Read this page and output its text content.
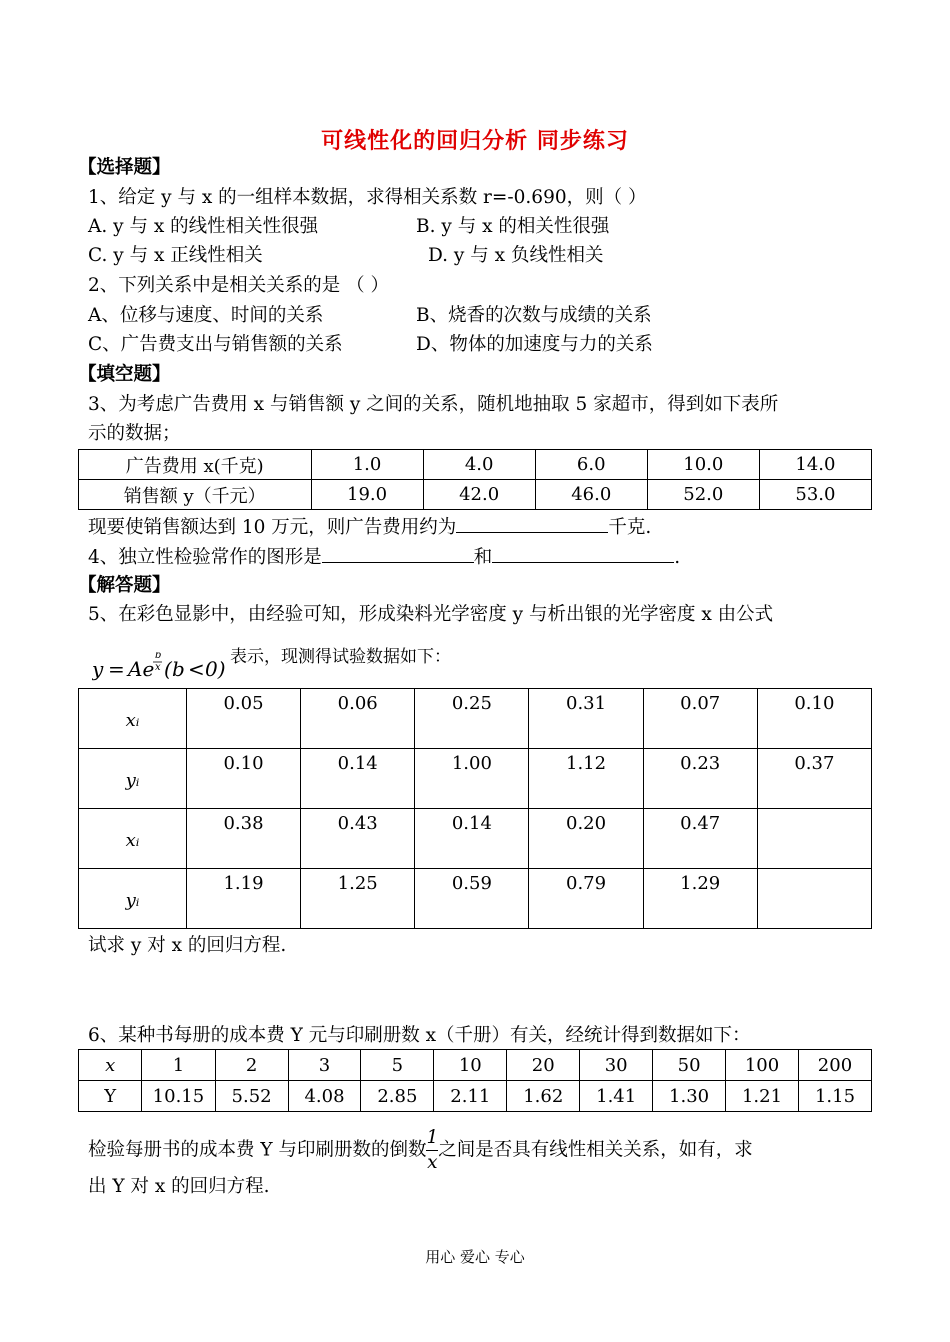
可线性化的回归分析 同步练习
【选择题】
1、给定 y 与 x 的一组样本数据，求得相关系数 r=-0.690，则（ ）
A. y 与 x 的线性相关性很强	B. y 与 x 的相关性很强
C. y 与 x 正线性相关	D. y 与 x 负线性相关
2、下列关系中是相关关系的是 （ ）
A、位移与速度、时间的关系	B、烧香的次数与成绩的关系
C、广告费支出与销售额的关系	D、物体的加速度与力的关系
【填空题】
3、为考虑广告费用 x 与销售额 y 之间的关系，随机地抽取 5 家超市，得到如下表所
示的数据；
广告费用 x(千克)	1.0	4.0	6.0	10.0	14.0
销售额 y（千元）	19.0	42.0	46.0	52.0	53.0
现要使销售额达到 10 万元，则广告费用约为	千克.
4、独立性检验常作的图形是	和	.
【解答题】
5、在彩色显影中，由经验可知，形成染料光学密度 y 与析出银的光学密度 x 由公式
y = Ae
b
x ( b < 0) 表示，现测得试验数据如下：
xᵢ	0.05	0.06	0.25	0.31	0.07	0.10
yᵢ	0.10	0.14	1.00	1.12	0.23	0.37
xᵢ	0.38	0.43	0.14	0.20	0.47	
yᵢ	1.19	1.25	0.59	0.79	1.29	
试求 y 对 x 的回归方程.
6、某种书每册的成本费 Y 元与印刷册数 x（千册）有关，经统计得到数据如下：
x	1	2	3	5	10	20	30	50	100	200
Y	10.15	5.52	4.08	2.85	2.11	1.62	1.41	1.30	1.21	1.15
检验每册书的成本费 Y 与印刷册数的倒数 $\frac{1}{x}$ 之间是否具有线性相关关系，如有，求
出 Y 对 x 的回归方程.
用心 爱心 专心
